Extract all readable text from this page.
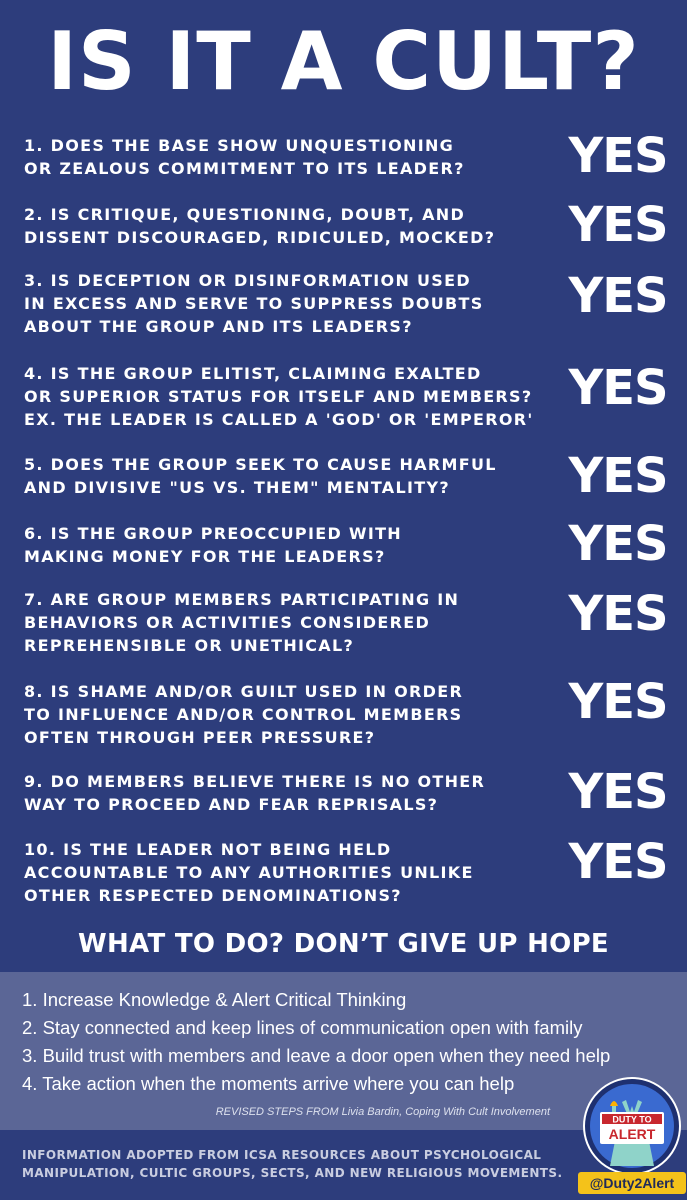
IS IT A CULT?
1. DOES THE BASE SHOW UNQUESTIONING
OR ZEALOUS COMMITMENT TO ITS LEADER?	YES
2. IS CRITIQUE, QUESTIONING, DOUBT, AND
DISSENT DISCOURAGED, RIDICULED, MOCKED?	YES
3. IS DECEPTION OR DISINFORMATION USED
IN EXCESS AND SERVE TO SUPPRESS DOUBTS
ABOUT THE GROUP AND ITS LEADERS?
YES
4. IS THE GROUP ELITIST, CLAIMING EXALTED
OR SUPERIOR STATUS FOR ITSELF AND MEMBERS?
EX. THE LEADER IS CALLED A 'GOD' OR 'EMPEROR'
YES
5. DOES THE GROUP SEEK TO CAUSE HARMFUL
AND DIVISIVE "US VS. THEM" MENTALITY?	YES
6. IS THE GROUP PREOCCUPIED WITH
MAKING MONEY FOR THE LEADERS?	YES
7. ARE GROUP MEMBERS PARTICIPATING IN
BEHAVIORS OR ACTIVITIES CONSIDERED
REPREHENSIBLE OR UNETHICAL?
YES
8. IS SHAME AND/OR GUILT USED IN ORDER
TO INFLUENCE AND/OR CONTROL MEMBERS
OFTEN THROUGH PEER PRESSURE?
YES
9. DO MEMBERS BELIEVE THERE IS NO OTHER
WAY TO PROCEED AND FEAR REPRISALS?	YES
10. IS THE LEADER NOT BEING HELD
ACCOUNTABLE TO ANY AUTHORITIES UNLIKE
OTHER RESPECTED DENOMINATIONS?
YES
WHAT TO DO? DON’T GIVE UP HOPE
1. Increase Knowledge & Alert Critical Thinking
2. Stay connected and keep lines of communication open with family
3. Build trust with members and leave a door open when they need help
4. Take action when the moments arrive where you can help
REVISED STEPS FROM Livia Bardin, Coping With Cult Involvement
INFORMATION ADOPTED FROM ICSA RESOURCES ABOUT PSYCHOLOGICAL
MANIPULATION, CULTIC GROUPS, SECTS, AND NEW RELIGIOUS MOVEMENTS.
DUTY TO
ALERT
@Duty2Alert
